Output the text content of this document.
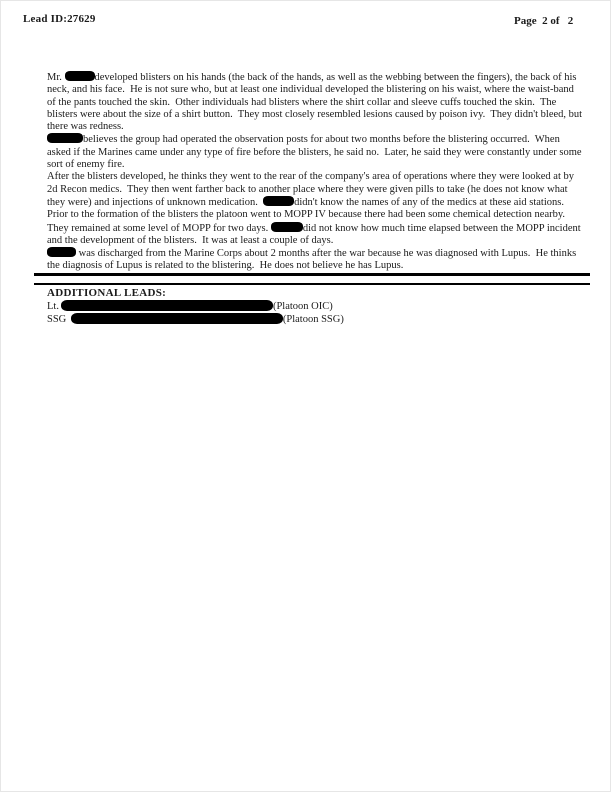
Lead ID:27629	Page  2 of   2

Mr.	developed blisters on his hands (the back of the hands, as well as the webbing between the fingers), the back of his neck, and his face.  He is not sure who, but at least one individual developed the blistering on his waist, where the waist-band of the pants touched the skin.  Other individuals had blisters where the shirt collar and sleeve cuffs touched the skin.  The blisters were about the size of a shirt button.  They most closely resembled lesions caused by poison ivy.  They didn't bleed, but there was redness.

believes the group had operated the observation posts for about two months before the blistering occurred.  When asked if the Marines came under any type of fire before the blisters, he said no.  Later, he said they were constantly under some sort of enemy fire.

After the blisters developed, he thinks they went to the rear of the company's area of operations where they were looked at by 2d Recon medics.  They then went farther back to another place where they were given pills to take (he does not know what they were) and injections of unknown medication.	didn't know the names of any of the medics at these aid stations.

Prior to the formation of the blisters the platoon went to MOPP IV because there had been some chemical detection nearby.  They remained at some level of MOPP for two days.	did not know how much time elapsed between the MOPP incident and the development of the blisters.  It was at least a couple of days.

was discharged from the Marine Corps about 2 months after the war because he was diagnosed with Lupus.  He thinks the diagnosis of Lupus is related to the blistering.  He does not believe he has Lupus.

ADDITIONAL LEADS:
Lt.	(Platoon OIC)
SSG	(Platoon SSG)
